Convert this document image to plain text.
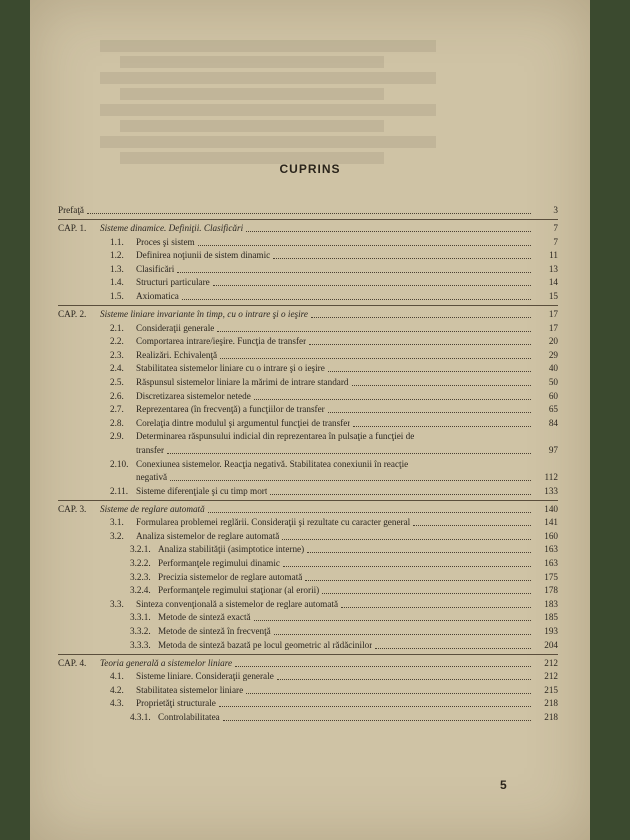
CUPRINS
Prefaţă	3
CAP. 1.	Sisteme dinamice. Definiţii. Clasificări	7
1.1.	Proces şi sistem	7
1.2.	Definirea noţiunii de sistem dinamic	11
1.3.	Clasificări	13
1.4.	Structuri particulare	14
1.5.	Axiomatica	15
CAP. 2.	Sisteme liniare invariante în timp, cu o intrare şi o ieşire	17
2.1.	Consideraţii generale	17
2.2.	Comportarea intrare/ieşire. Funcţia de transfer	20
2.3.	Realizări. Echivalenţă	29
2.4.	Stabilitatea sistemelor liniare cu o intrare şi o ieşire	40
2.5.	Răspunsul sistemelor liniare la mărimi de intrare standard	50
2.6.	Discretizarea sistemelor netede	60
2.7.	Reprezentarea (în frecvenţă) a funcţiilor de transfer	65
2.8.	Corelaţia dintre modulul şi argumentul funcţiei de transfer	84
2.9.	Determinarea răspunsului indicial din reprezentarea în pulsaţie a funcţiei de
transfer	97
2.10. Conexiunea sistemelor. Reacţia negativă. Stabilitatea conexiunii în reacţie
negativă	112
2.11. Sisteme diferenţiale şi cu timp mort	133
CAP. 3.	Sisteme de reglare automată	140
3.1.	Formularea problemei reglării. Consideraţii şi rezultate cu caracter general	141
3.2.	Analiza sistemelor de reglare automată	160
3.2.1. Analiza stabilităţii (asimptotice interne)	163
3.2.2. Performanţele regimului dinamic	163
3.2.3. Precizia sistemelor de reglare automată	175
3.2.4. Performanţele regimului staţionar (al erorii)	178
3.3.	Sinteza convenţională a sistemelor de reglare automată	183
3.3.1. Metode de sinteză exactă	185
3.3.2. Metode de sinteză în frecvenţă	193
3.3.3. Metoda de sinteză bazată pe locul geometric al rădăcinilor	204
CAP. 4.	Teoria generală a sistemelor liniare	212
4.1.	Sisteme liniare. Consideraţii generale	212
4.2.	Stabilitatea sistemelor liniare	215
4.3.	Proprietăţi structurale	218
4.3.1. Controlabilitatea	218
5
